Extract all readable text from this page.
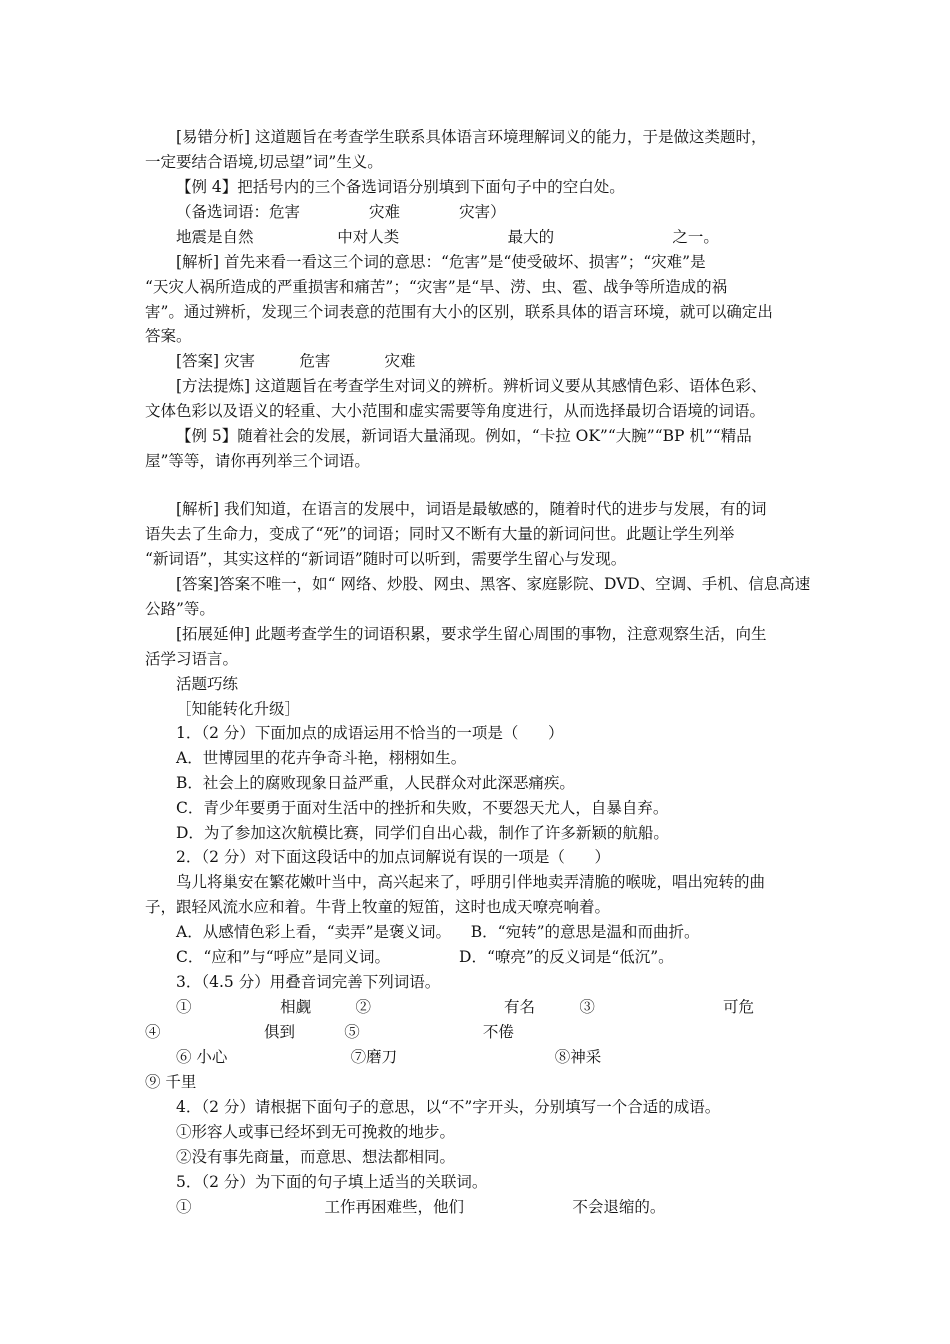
[易错分析] 这道题旨在考查学生联系具体语言环境理解词义的能力，于是做这类题时，
一定要结合语境,切忌望”词”生义。
【例 4】把括号内的三个备选词语分别填到下面句子中的空白处。
（备选词语：危害              灾难            灾害）
地震是自然                 中对人类                      最大的                        之一。
[解析] 首先来看一看这三个词的意思：“危害”是“使受破坏、损害”；“灾难”是
“天灾人祸所造成的严重损害和痛苦”；“灾害”是“旱、涝、虫、雹、战争等所造成的祸
害”。通过辨析，发现三个词表意的范围有大小的区别，联系具体的语言环境，就可以确定出
答案。
[答案] 灾害         危害           灾难
[方法提炼] 这道题旨在考查学生对词义的辨析。辨析词义要从其感情色彩、语体色彩、
文体色彩以及语义的轻重、大小范围和虚实需要等角度进行，从而选择最切合语境的词语。
【例 5】随着社会的发展，新词语大量涌现。例如，“卡拉 OK”“大腕”“BP 机”“精品
屋”等等，请你再列举三个词语。
[解析] 我们知道，在语言的发展中，词语是最敏感的，随着时代的进步与发展，有的词
语失去了生命力，变成了“死”的词语；同时又不断有大量的新词问世。此题让学生列举
“新词语”，其实这样的“新词语”随时可以听到，需要学生留心与发现。
[答案]答案不唯一，如“ 网络、炒股、网虫、黑客、家庭影院、DVD、空调、手机、信息高速
公路”等。
[拓展延伸] 此题考查学生的词语积累，要求学生留心周围的事物，注意观察生活，向生
活学习语言。
活题巧练
［知能转化升级］
1．（2 分）下面加点的成语运用不恰当的一项是（      ）
A．世博园里的花卉争奇斗艳，栩栩如生。
B．社会上的腐败现象日益严重，人民群众对此深恶痛疾。
C．青少年要勇于面对生活中的挫折和失败，不要怨天尤人，自暴自弃。
D．为了参加这次航模比赛，同学们自出心裁，制作了许多新颖的航船。
2．（2 分）对下面这段话中的加点词解说有误的一项是（      ）
鸟儿将巢安在繁花嫩叶当中，高兴起来了，呼朋引伴地卖弄清脆的喉咙，唱出宛转的曲
子，跟轻风流水应和着。牛背上牧童的短笛，这时也成天嘹亮响着。
A．从感情色彩上看，“卖弄”是褒义词。    B．“宛转”的意思是温和而曲折。
C．“应和”与“呼应”是同义词。              D．“嘹亮”的反义词是“低沉”。
3．（4.5 分）用叠音词完善下列词语。
①                  相觑         ②                           有名         ③                          可危
④                     俱到          ⑤                         不倦
⑥ 小心                         ⑦磨刀                                ⑧神采
⑨ 千里
4．（2 分）请根据下面句子的意思，以“不”字开头，分别填写一个合适的成语。
①形容人或事已经坏到无可挽救的地步。
②没有事先商量，而意思、想法都相同。
5．（2 分）为下面的句子填上适当的关联词。
①                           工作再困难些，他们                      不会退缩的。
